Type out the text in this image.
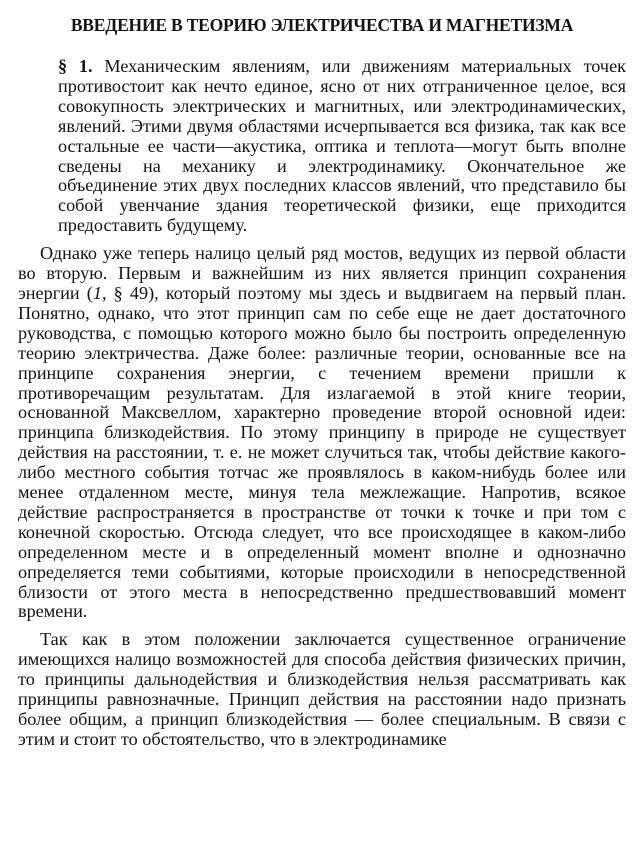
ВВЕДЕНИЕ В ТЕОРИЮ ЭЛЕКТРИЧЕСТВА И МАГНЕТИЗМА

§ 1. Механическим явлениям, или движениям материальных точек противостоит как нечто единое, ясно от них отграниченное целое, вся совокупность электрических и магнитных, или электродинамических, явлений. Этими двумя областями исчерпывается вся физика, так как все остальные ее части—акустика, оптика и теплота—могут быть вполне сведены на механику и электродинамику. Окончательное же объединение этих двух последних классов явлений, что представило бы собой увенчание здания теоретической физики, еще приходится предоставить будущему.

Однако уже теперь налицо целый ряд мостов, ведущих из первой области во вторую. Первым и важнейшим из них является принцип сохранения энергии (1, § 49), который поэтому мы здесь и выдвигаем на первый план. Понятно, однако, что этот принцип сам по себе еще не дает достаточного руководства, с помощью которого можно было бы построить определенную теорию электричества. Даже более: различные теории, основанные все на принципе сохранения энергии, с течением времени пришли к противоречащим результатам. Для излагаемой в этой книге теории, основанной Максвеллом, характерно проведение второй основной идеи: принципа близкодействия. По этому принципу в природе не существует действия на расстоянии, т. е. не может случиться так, чтобы действие какого-либо местного события тотчас же проявлялось в каком-нибудь более или менее отдаленном месте, минуя тела межлежащие. Напротив, всякое действие распространяется в пространстве от точки к точке и при том с конечной скоростью. Отсюда следует, что все происходящее в каком-либо определенном месте и в определенный момент вполне и однозначно определяется теми событиями, которые происходили в непосредственной близости от этого места в непосредственно предшествовавший момент времени.

Так как в этом положении заключается существенное ограничение имеющихся налицо возможностей для способа действия физических причин, то принципы дальнодействия и близкодействия нельзя рассматривать как принципы равнозначные. Принцип действия на расстоянии надо признать более общим, а принцип близкодействия — более специальным. В связи с этим и стоит то обстоятельство, что в электродинамике
